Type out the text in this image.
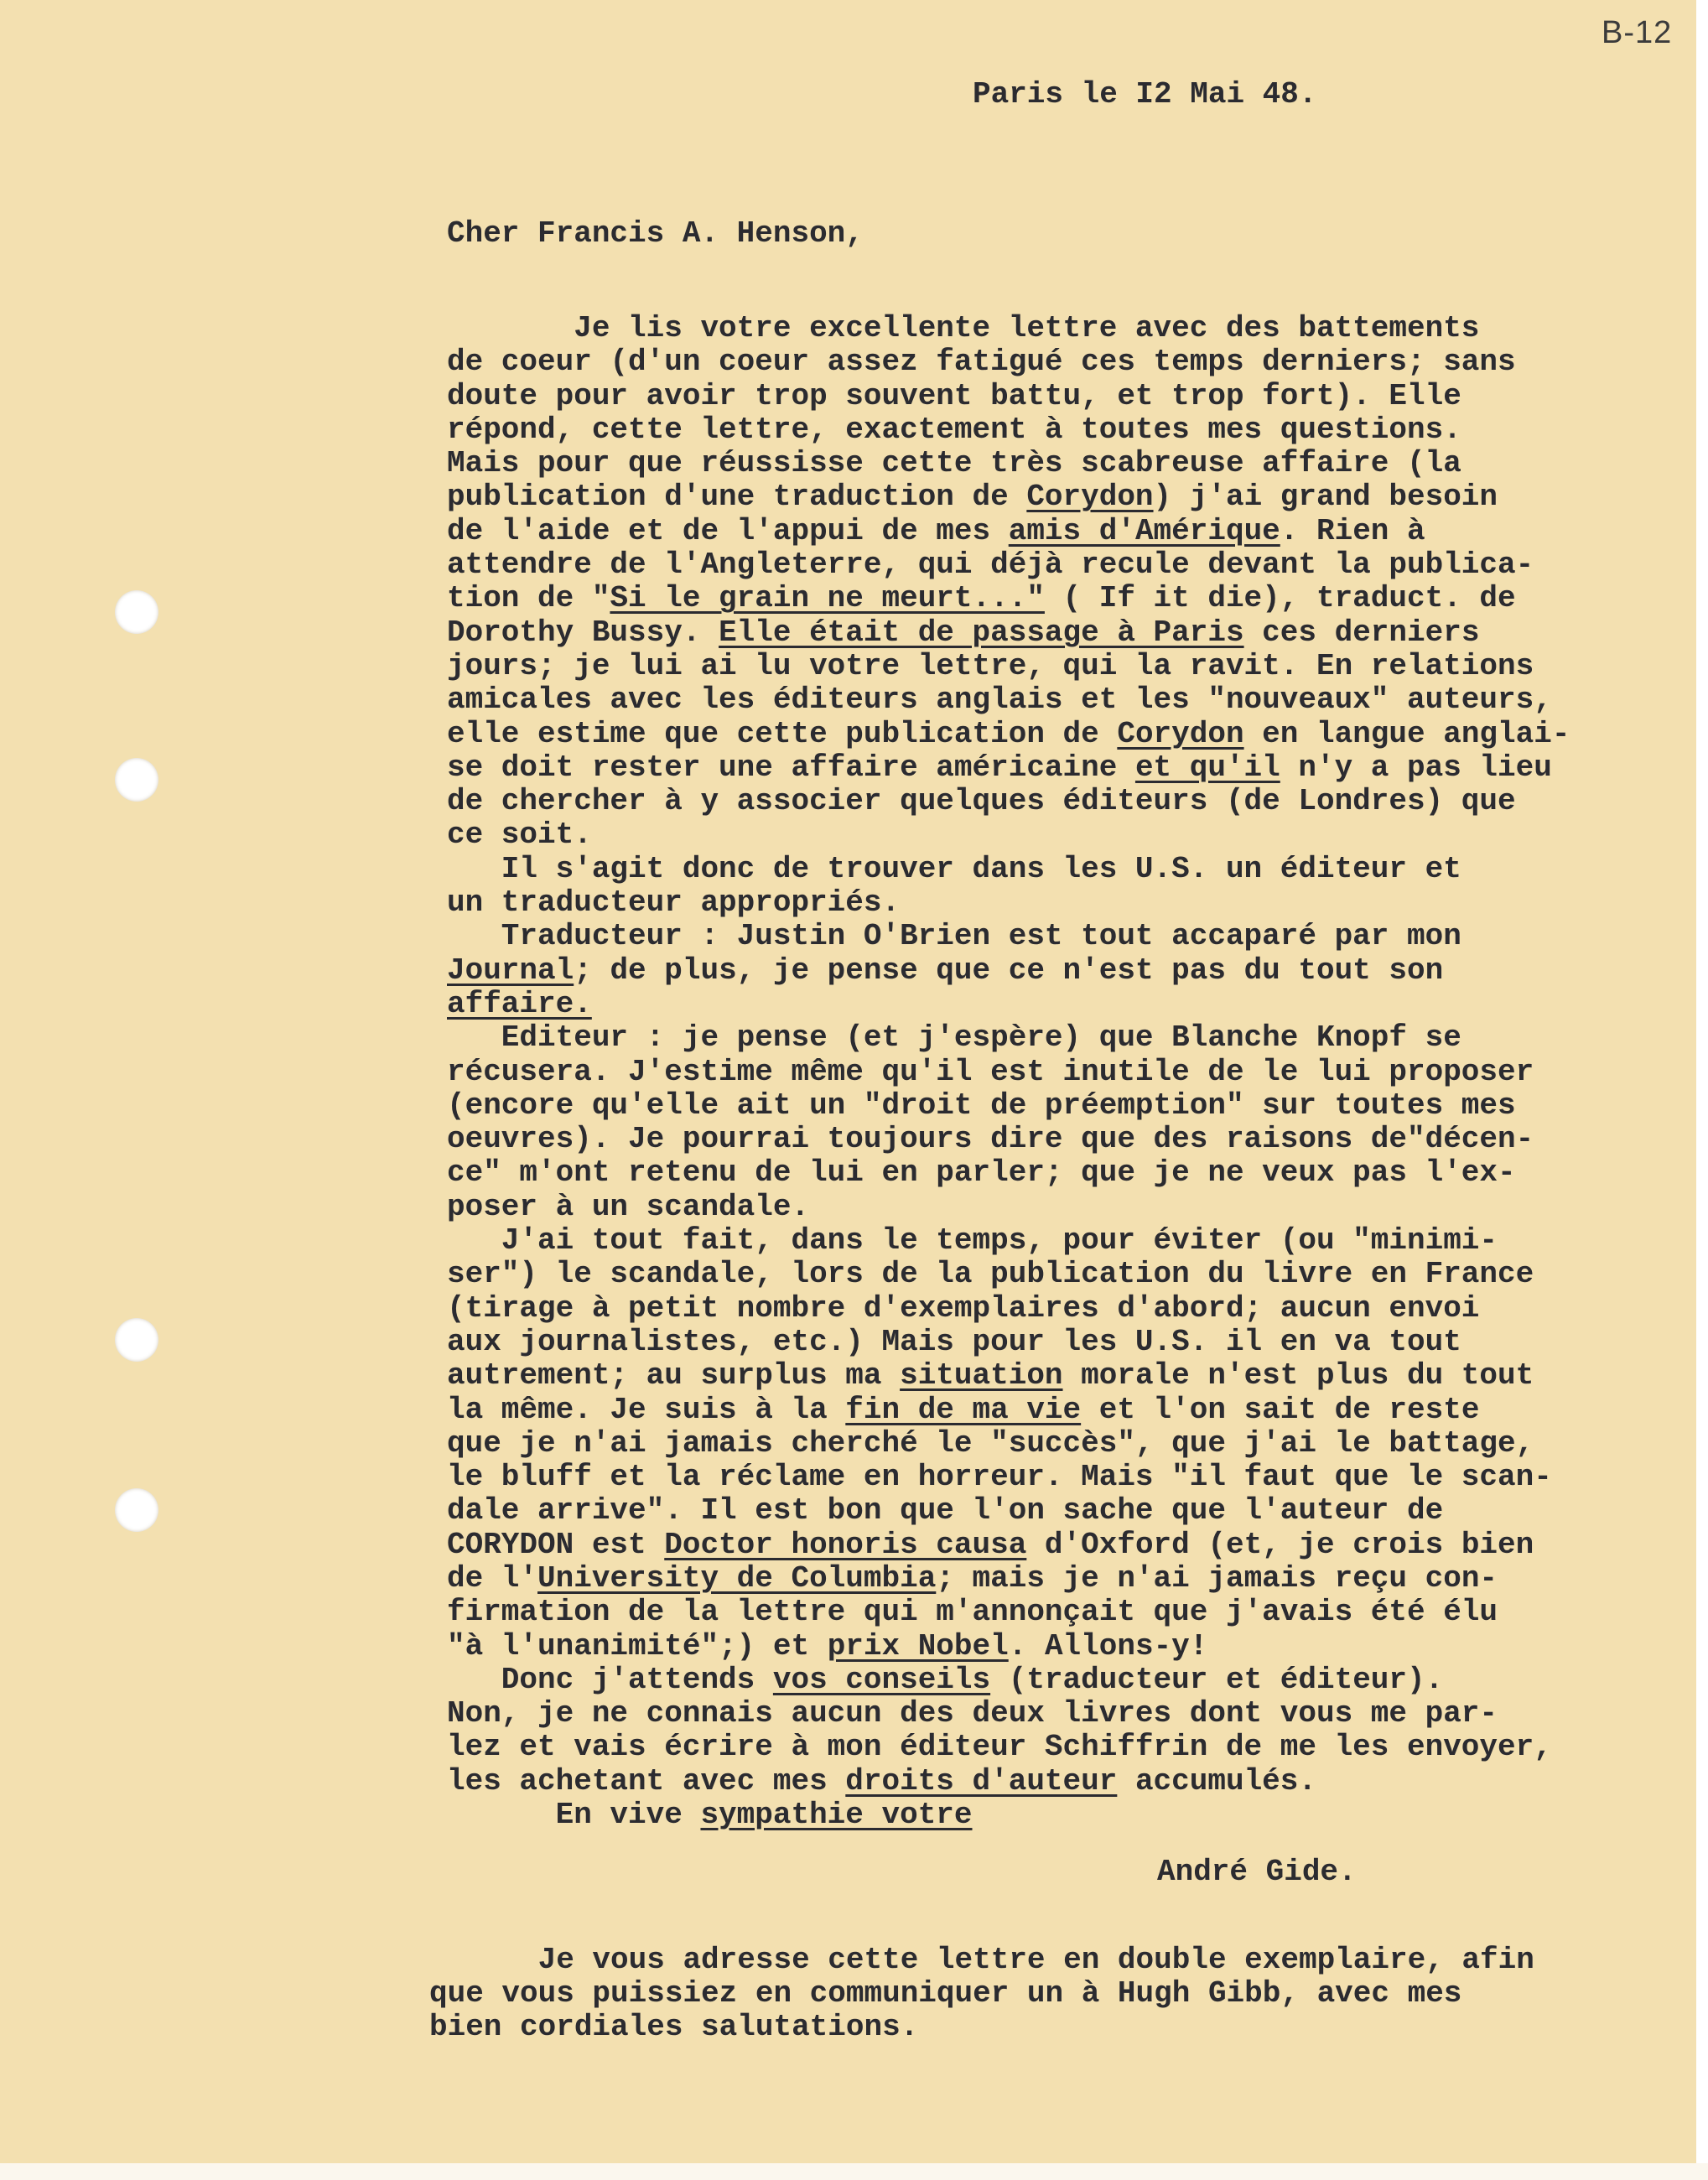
B-12
Paris le I2 Mai 48.
Cher Francis A. Henson,
Je lis votre excellente lettre avec des battements
de coeur (d'un coeur assez fatigué ces temps derniers; sans
doute pour avoir trop souvent battu, et trop fort). Elle
répond, cette lettre, exactement à toutes mes questions.
Mais pour que réussisse cette très scabreuse affaire (la
publication d'une traduction de Corydon) j'ai grand besoin
de l'aide et de l'appui de mes amis d'Amérique. Rien à
attendre de l'Angleterre, qui déjà recule devant la publica-
tion de "Si le grain ne meurt..." ( If it die), traduct. de
Dorothy Bussy. Elle était de passage à Paris ces derniers
jours; je lui ai lu votre lettre, qui la ravit. En relations
amicales avec les éditeurs anglais et les "nouveaux" auteurs,
elle estime que cette publication de Corydon en langue anglai-
se doit rester une affaire américaine et qu'il n'y a pas lieu
de chercher à y associer quelques éditeurs (de Londres) que
ce soit.
Il s'agit donc de trouver dans les U.S. un éditeur et
un traducteur appropriés.
Traducteur : Justin O'Brien est tout accaparé par mon
Journal; de plus, je pense que ce n'est pas du tout son
affaire.
Editeur : je pense (et j'espère) que Blanche Knopf se
récusera. J'estime même qu'il est inutile de le lui proposer
(encore qu'elle ait un "droit de préemption" sur toutes mes
oeuvres). Je pourrai toujours dire que des raisons de"décen-
ce" m'ont retenu de lui en parler; que je ne veux pas l'ex-
poser à un scandale.
J'ai tout fait, dans le temps, pour éviter (ou "minimi-
ser") le scandale, lors de la publication du livre en France
(tirage à petit nombre d'exemplaires d'abord; aucun envoi
aux journalistes, etc.) Mais pour les U.S. il en va tout
autrement; au surplus ma situation morale n'est plus du tout
la même. Je suis à la fin de ma vie et l'on sait de reste
que je n'ai jamais cherché le "succès", que j'ai le battage,
le bluff et la réclame en horreur. Mais "il faut que le scan-
dale arrive". Il est bon que l'on sache que l'auteur de
CORYDON est Doctor honoris causa d'Oxford (et, je crois bien
de l'University de Columbia; mais je n'ai jamais reçu con-
firmation de la lettre qui m'annonçait que j'avais été élu
"à l'unanimité";) et prix Nobel. Allons-y!
Donc j'attends vos conseils (traducteur et éditeur).
Non, je ne connais aucun des deux livres dont vous me par-
lez et vais écrire à mon éditeur Schiffrin de me les envoyer,
les achetant avec mes droits d'auteur accumulés.
En vive sympathie votre
André Gide.
Je vous adresse cette lettre en double exemplaire, afin
que vous puissiez en communiquer un à Hugh Gibb, avec mes
bien cordiales salutations.
